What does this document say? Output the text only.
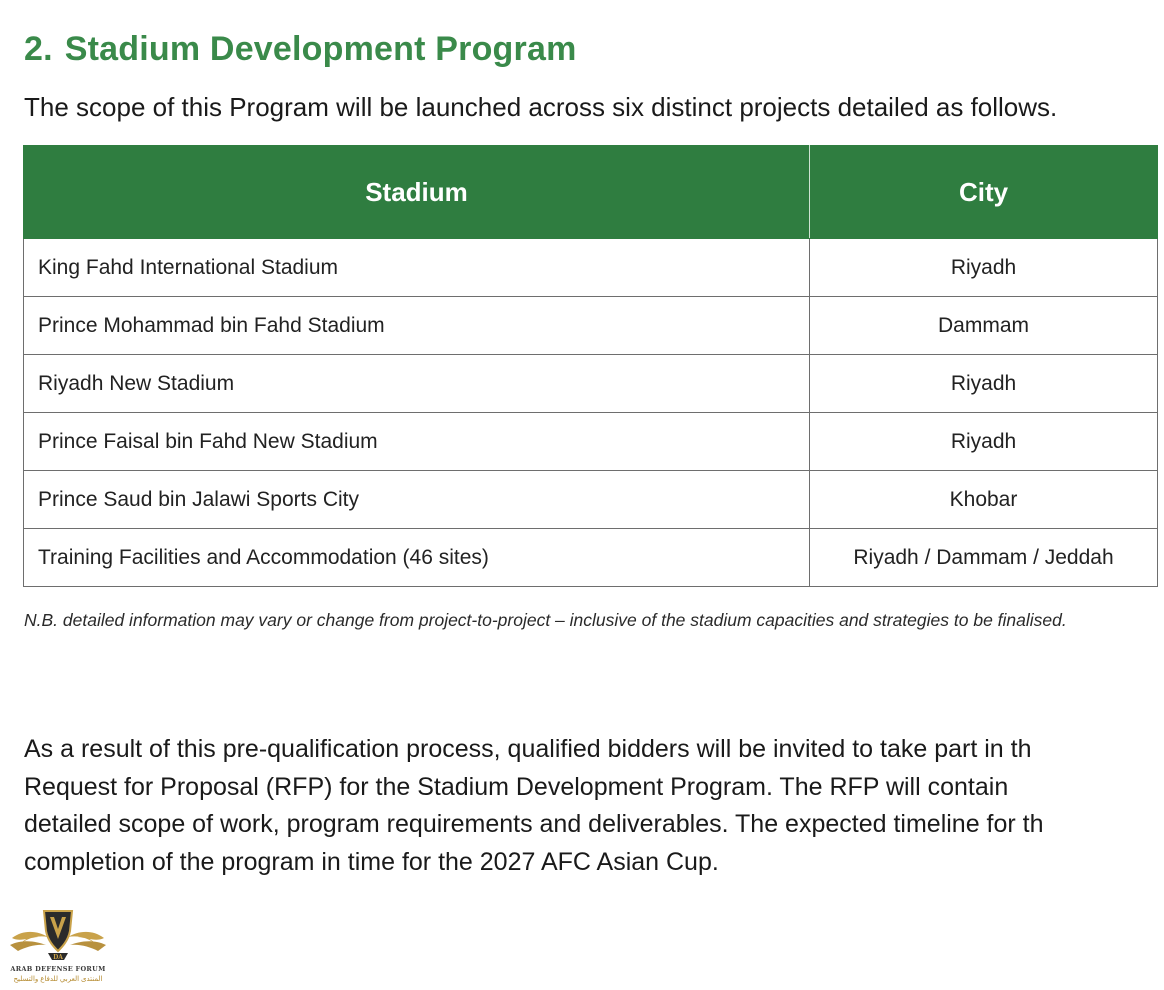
2. Stadium Development Program

The scope of this Program will be launched across six distinct projects detailed as follows.

Stadium	City
King Fahd International Stadium	Riyadh
Prince Mohammad bin Fahd Stadium	Dammam
Riyadh New Stadium	Riyadh
Prince Faisal bin Fahd New Stadium	Riyadh
Prince Saud bin Jalawi Sports City	Khobar
Training Facilities and Accommodation (46 sites)	Riyadh / Dammam / Jeddah

N.B. detailed information may vary or change from project-to-project – inclusive of the stadium capacities and strategies to be finalised.

As a result of this pre-qualification process, qualified bidders will be invited to take part in th
Request for Proposal (RFP) for the Stadium Development Program. The RFP will contain
detailed scope of work, program requirements and deliverables. The expected timeline for th
completion of the program in time for the 2027 AFC Asian Cup.

DA
ARAB DEFENSE FORUM
المنتدى العربي للدفاع والتسليح
